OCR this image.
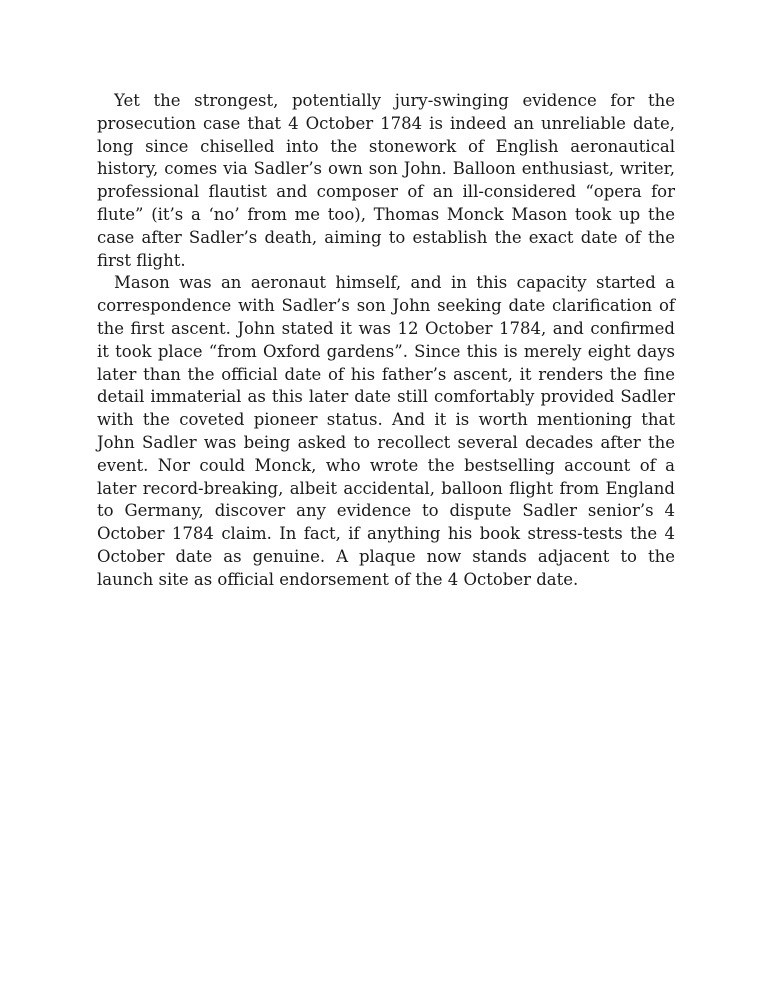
Yet the strongest, potentially jury-swinging evidence for the prosecution case that 4 October 1784 is indeed an unreliable date, long since chiselled into the stonework of English aeronautical history, comes via Sadler’s own son John. Balloon enthusiast, writer, professional flautist and composer of an ill-considered “opera for flute” (it’s a ‘no’ from me too), Thomas Monck Mason took up the case after Sadler’s death, aiming to establish the exact date of the first flight.

Mason was an aeronaut himself, and in this capacity started a correspondence with Sadler’s son John seeking date clarification of the first ascent. John stated it was 12 October 1784, and confirmed it took place “from Oxford gardens”. Since this is merely eight days later than the official date of his father’s ascent, it renders the fine detail immaterial as this later date still comfortably provided Sadler with the coveted pioneer status. And it is worth mentioning that John Sadler was being asked to recollect several decades after the event. Nor could Monck, who wrote the bestselling account of a later record-breaking, albeit accidental, balloon flight from England to Germany, discover any evidence to dispute Sadler senior’s 4 October 1784 claim. In fact, if anything his book stress-tests the 4 October date as genuine. A plaque now stands adjacent to the launch site as official endorsement of the 4 October date.
